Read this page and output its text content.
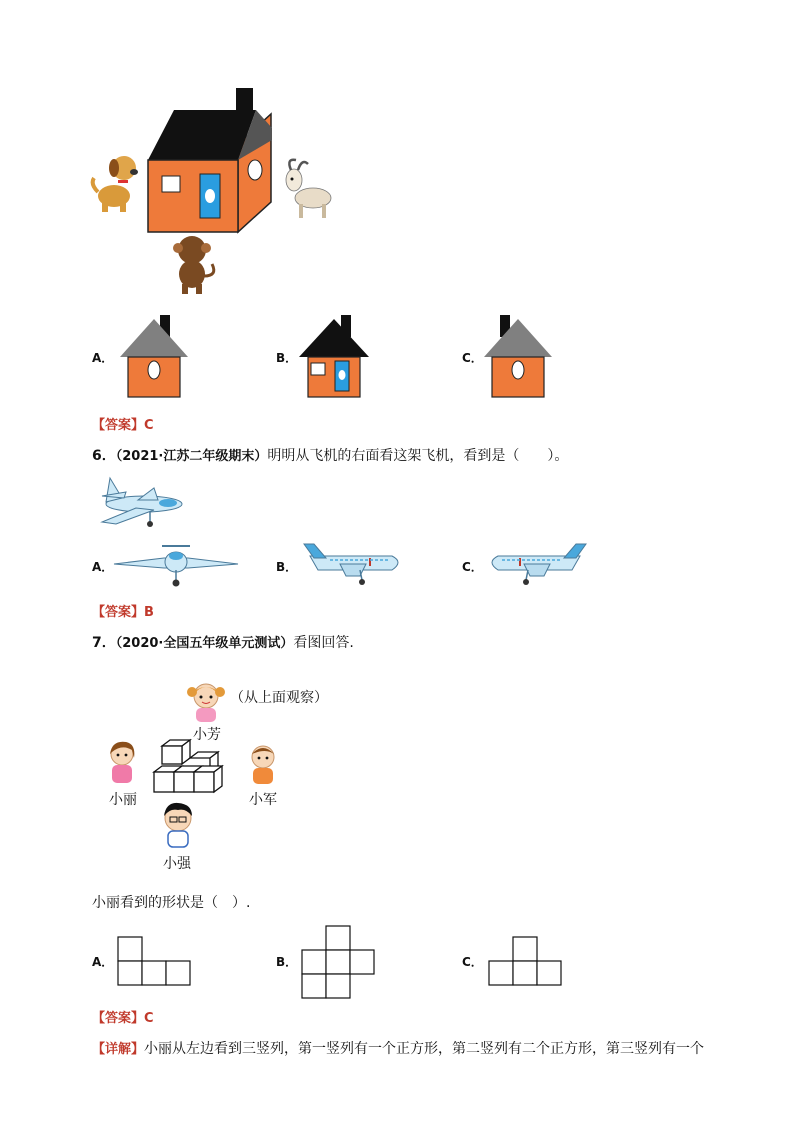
A．	B．	C．
【答案】C
6．（2021·江苏二年级期末）明明从飞机的右面看这架飞机，看到是（　　）。
A．	B．	C．
【答案】B
7．（2020·全国五年级单元测试）看图回答.
（从上面观察）
小芳
小丽	小军
小强
小丽看到的形状是（　）.
A．	B．	C．
【答案】C
【详解】小丽从左边看到三竖列，第一竖列有一个正方形，第二竖列有二个正方形，第三竖列有一个
